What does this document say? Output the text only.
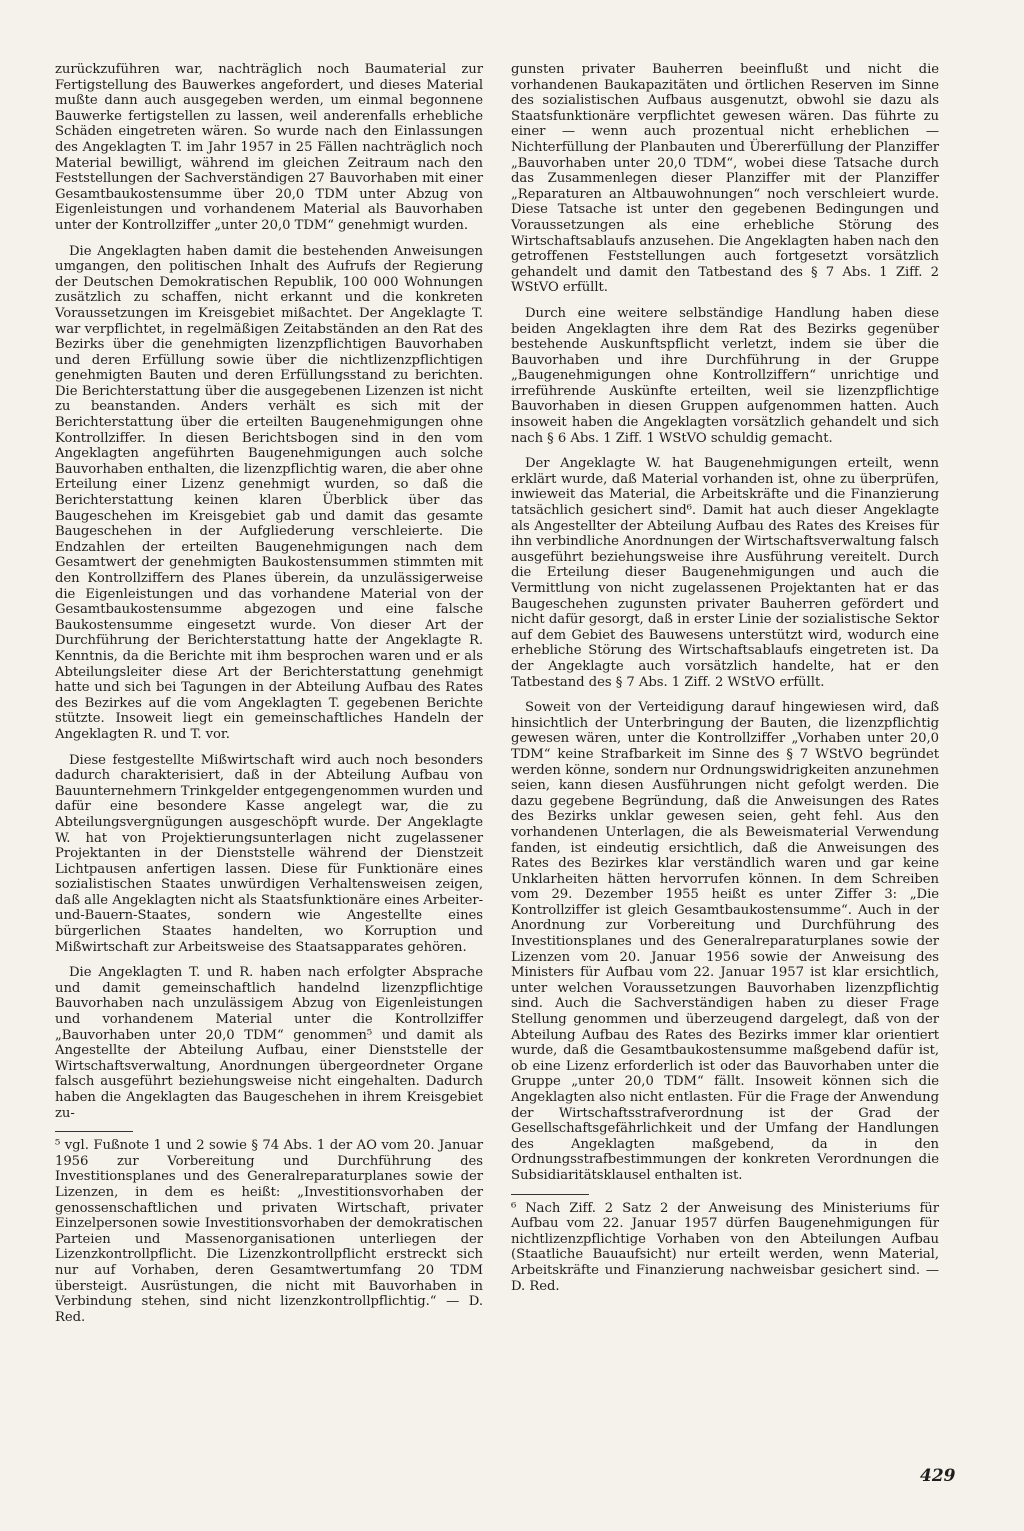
zurückzuführen war, nachträglich noch Baumaterial zur Fertigstellung des Bauwerkes angefordert, und dieses Material mußte dann auch ausgegeben werden, um einmal begonnene Bauwerke fertigstellen zu lassen, weil anderenfalls erhebliche Schäden eingetreten wären. So wurde nach den Einlassungen des Angeklagten T. im Jahr 1957 in 25 Fällen nachträglich noch Material bewilligt, während im gleichen Zeitraum nach den Feststellungen der Sachverständigen 27 Bauvorhaben mit einer Gesamtbaukostensumme über 20,0 TDM unter Abzug von Eigenleistungen und vorhandenem Material als Bauvorhaben unter der Kontrollziffer „unter 20,0 TDM“ genehmigt wurden.

Die Angeklagten haben damit die bestehenden Anweisungen umgangen, den politischen Inhalt des Aufrufs der Regierung der Deutschen Demokratischen Republik, 100 000 Wohnungen zusätzlich zu schaffen, nicht erkannt und die konkreten Voraussetzungen im Kreisgebiet mißachtet. Der Angeklagte T. war verpflichtet, in regelmäßigen Zeitabständen an den Rat des Bezirks über die genehmigten lizenzpflichtigen Bauvorhaben und deren Erfüllung sowie über die nichtlizenzpflichtigen genehmigten Bauten und deren Erfüllungsstand zu berichten. Die Berichterstattung über die ausgegebenen Lizenzen ist nicht zu beanstanden. Anders verhält es sich mit der Berichterstattung über die erteilten Baugenehmigungen ohne Kontrollziffer. In diesen Berichtsbogen sind in den vom Angeklagten angeführten Baugenehmigungen auch solche Bauvorhaben enthalten, die lizenzpflichtig waren, die aber ohne Erteilung einer Lizenz genehmigt wurden, so daß die Berichterstattung keinen klaren Überblick über das Baugeschehen im Kreisgebiet gab und damit das gesamte Baugeschehen in der Aufgliederung verschleierte. Die Endzahlen der erteilten Baugenehmigungen nach dem Gesamtwert der genehmigten Baukostensummen stimmten mit den Kontrollziffern des Planes überein, da unzulässigerweise die Eigenleistungen und das vorhandene Material von der Gesamtbaukostensumme abgezogen und eine falsche Baukostensumme eingesetzt wurde. Von dieser Art der Durchführung der Berichterstattung hatte der Angeklagte R. Kenntnis, da die Berichte mit ihm besprochen waren und er als Abteilungsleiter diese Art der Berichterstattung genehmigt hatte und sich bei Tagungen in der Abteilung Aufbau des Rates des Bezirkes auf die vom Angeklagten T. gegebenen Berichte stützte. Insoweit liegt ein gemeinschaftliches Handeln der Angeklagten R. und T. vor.

Diese festgestellte Mißwirtschaft wird auch noch besonders dadurch charakterisiert, daß in der Abteilung Aufbau von Bauunternehmern Trinkgelder entgegengenommen wurden und dafür eine besondere Kasse angelegt war, die zu Abteilungsvergnügungen ausgeschöpft wurde. Der Angeklagte W. hat von Projektierungsunterlagen nicht zugelassener Projektanten in der Dienststelle während der Dienstzeit Lichtpausen anfertigen lassen. Diese für Funktionäre eines sozialistischen Staates unwürdigen Verhaltensweisen zeigen, daß alle Angeklagten nicht als Staatsfunktionäre eines Arbeiter-und-Bauern-Staates, sondern wie Angestellte eines bürgerlichen Staates handelten, wo Korruption und Mißwirtschaft zur Arbeitsweise des Staatsapparates gehören.

Die Angeklagten T. und R. haben nach erfolgter Absprache und damit gemeinschaftlich handelnd lizenzpflichtige Bauvorhaben nach unzulässigem Abzug von Eigenleistungen und vorhandenem Material unter die Kontrollziffer „Bauvorhaben unter 20,0 TDM“ genommen⁵ und damit als Angestellte der Abteilung Aufbau, einer Dienststelle der Wirtschaftsverwaltung, Anordnungen übergeordneter Organe falsch ausgeführt beziehungsweise nicht eingehalten. Dadurch haben die Angeklagten das Baugeschehen in ihrem Kreisgebiet zu-

⁵ vgl. Fußnote 1 und 2 sowie § 74 Abs. 1 der AO vom 20. Januar 1956 zur Vorbereitung und Durchführung des Investitionsplanes und des Generalreparaturplanes sowie der Lizenzen, in dem es heißt: „Investitionsvorhaben der genossenschaftlichen und privaten Wirtschaft, privater Einzelpersonen sowie Investitionsvorhaben der demokratischen Parteien und Massenorganisationen unterliegen der Lizenzkontrollpflicht. Die Lizenzkontrollpflicht erstreckt sich nur auf Vorhaben, deren Gesamtwertumfang 20 TDM übersteigt. Ausrüstungen, die nicht mit Bauvorhaben in Verbindung stehen, sind nicht lizenzkontrollpflichtig.“ — D. Red.

gunsten privater Bauherren beeinflußt und nicht die vorhandenen Baukapazitäten und örtlichen Reserven im Sinne des sozialistischen Aufbaus ausgenutzt, obwohl sie dazu als Staatsfunktionäre verpflichtet gewesen wären. Das führte zu einer — wenn auch prozentual nicht erheblichen — Nichterfüllung der Planbauten und Übererfüllung der Planziffer „Bauvorhaben unter 20,0 TDM“, wobei diese Tatsache durch das Zusammenlegen dieser Planziffer mit der Planziffer „Reparaturen an Altbauwohnungen“ noch verschleiert wurde. Diese Tatsache ist unter den gegebenen Bedingungen und Voraussetzungen als eine erhebliche Störung des Wirtschaftsablaufs anzusehen. Die Angeklagten haben nach den getroffenen Feststellungen auch fortgesetzt vorsätzlich gehandelt und damit den Tatbestand des § 7 Abs. 1 Ziff. 2 WStVO erfüllt.

Durch eine weitere selbständige Handlung haben diese beiden Angeklagten ihre dem Rat des Bezirks gegenüber bestehende Auskunftspflicht verletzt, indem sie über die Bauvorhaben und ihre Durchführung in der Gruppe „Baugenehmigungen ohne Kontrollziffern“ unrichtige und irreführende Auskünfte erteilten, weil sie lizenzpflichtige Bauvorhaben in diesen Gruppen aufgenommen hatten. Auch insoweit haben die Angeklagten vorsätzlich gehandelt und sich nach § 6 Abs. 1 Ziff. 1 WStVO schuldig gemacht.

Der Angeklagte W. hat Baugenehmigungen erteilt, wenn erklärt wurde, daß Material vorhanden ist, ohne zu überprüfen, inwieweit das Material, die Arbeitskräfte und die Finanzierung tatsächlich gesichert sind⁶. Damit hat auch dieser Angeklagte als Angestellter der Abteilung Aufbau des Rates des Kreises für ihn verbindliche Anordnungen der Wirtschaftsverwaltung falsch ausgeführt beziehungsweise ihre Ausführung vereitelt. Durch die Erteilung dieser Baugenehmigungen und auch die Vermittlung von nicht zugelassenen Projektanten hat er das Baugeschehen zugunsten privater Bauherren gefördert und nicht dafür gesorgt, daß in erster Linie der sozialistische Sektor auf dem Gebiet des Bauwesens unterstützt wird, wodurch eine erhebliche Störung des Wirtschaftsablaufs eingetreten ist. Da der Angeklagte auch vorsätzlich handelte, hat er den Tatbestand des § 7 Abs. 1 Ziff. 2 WStVO erfüllt.

Soweit von der Verteidigung darauf hingewiesen wird, daß hinsichtlich der Unterbringung der Bauten, die lizenzpflichtig gewesen wären, unter die Kontrollziffer „Vorhaben unter 20,0 TDM“ keine Strafbarkeit im Sinne des § 7 WStVO begründet werden könne, sondern nur Ordnungswidrigkeiten anzunehmen seien, kann diesen Ausführungen nicht gefolgt werden. Die dazu gegebene Begründung, daß die Anweisungen des Rates des Bezirks unklar gewesen seien, geht fehl. Aus den vorhandenen Unterlagen, die als Beweismaterial Verwendung fanden, ist eindeutig ersichtlich, daß die Anweisungen des Rates des Bezirkes klar verständlich waren und gar keine Unklarheiten hätten hervorrufen können. In dem Schreiben vom 29. Dezember 1955 heißt es unter Ziffer 3: „Die Kontrollziffer ist gleich Gesamtbaukostensumme“. Auch in der Anordnung zur Vorbereitung und Durchführung des Investitionsplanes und des Generalreparaturplanes sowie der Lizenzen vom 20. Januar 1956 sowie der Anweisung des Ministers für Aufbau vom 22. Januar 1957 ist klar ersichtlich, unter welchen Voraussetzungen Bauvorhaben lizenzpflichtig sind. Auch die Sachverständigen haben zu dieser Frage Stellung genommen und überzeugend dargelegt, daß von der Abteilung Aufbau des Rates des Bezirks immer klar orientiert wurde, daß die Gesamtbaukostensumme maßgebend dafür ist, ob eine Lizenz erforderlich ist oder das Bauvorhaben unter die Gruppe „unter 20,0 TDM“ fällt. Insoweit können sich die Angeklagten also nicht entlasten. Für die Frage der Anwendung der Wirtschaftsstrafverordnung ist der Grad der Gesellschaftsgefährlichkeit und der Umfang der Handlungen des Angeklagten maßgebend, da in den Ordnungsstrafbestimmungen der konkreten Verordnungen die Subsidiaritätsklausel enthalten ist.

⁶ Nach Ziff. 2 Satz 2 der Anweisung des Ministeriums für Aufbau vom 22. Januar 1957 dürfen Baugenehmigungen für nichtlizenzpflichtige Vorhaben von den Abteilungen Aufbau (Staatliche Bauaufsicht) nur erteilt werden, wenn Material, Arbeitskräfte und Finanzierung nachweisbar gesichert sind. — D. Red.

429
